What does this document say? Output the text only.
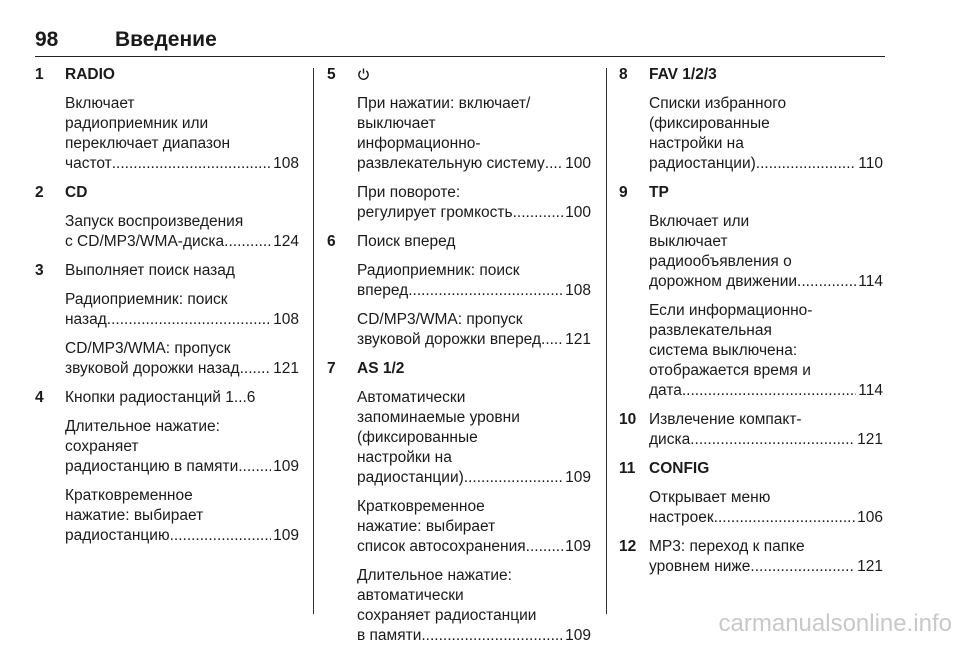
98	Введение
1 RADIO
Включает
радиоприемник или
переключает диапазон
частот .....	108
2 CD
Запуск воспроизведения
с CD/MP3/WMA-диска .....	124
3 Выполняет поиск назад
Радиоприемник: поиск
назад .....	108
CD/MP3/WMA: пропуск
звуковой дорожки назад ..... 121
4 Кнопки радиостанций 1...6
Длительное нажатие:
сохраняет
радиостанцию в памяти ..... 109
Кратковременное
нажатие: выбирает
радиостанцию .....	109
5
При нажатии: включает/
выключает
информационно-
развлекательную систему ..... 100
При повороте:
регулирует громкость .....	100
6 Поиск вперед
Радиоприемник: поиск
вперед .....	108
CD/MP3/WMA: пропуск
звуковой дорожки вперед ..... 121
7 AS 1/2
Автоматически
запоминаемые уровни
(фиксированные
настройки на
радиостанции) .....	109
Кратковременное
нажатие: выбирает
список автосохранения .....	109
Длительное нажатие:
автоматически
сохраняет радиостанции
в памяти .....	109
8 FAV 1/2/3
Списки избранного
(фиксированные
настройки на
радиостанции) .....	110
9 TP
Включает или
выключает
радиообъявления о
дорожном движении .....	114
Если информационно-
развлекательная
система выключена:
отображается время и
дата .....	114
10 Извлечение компакт-
диска .....	121
11 CONFIG
Открывает меню
настроек .....	106
12 MP3: переход к папке
уровнем ниже .....	121
carmanualsonline.info
